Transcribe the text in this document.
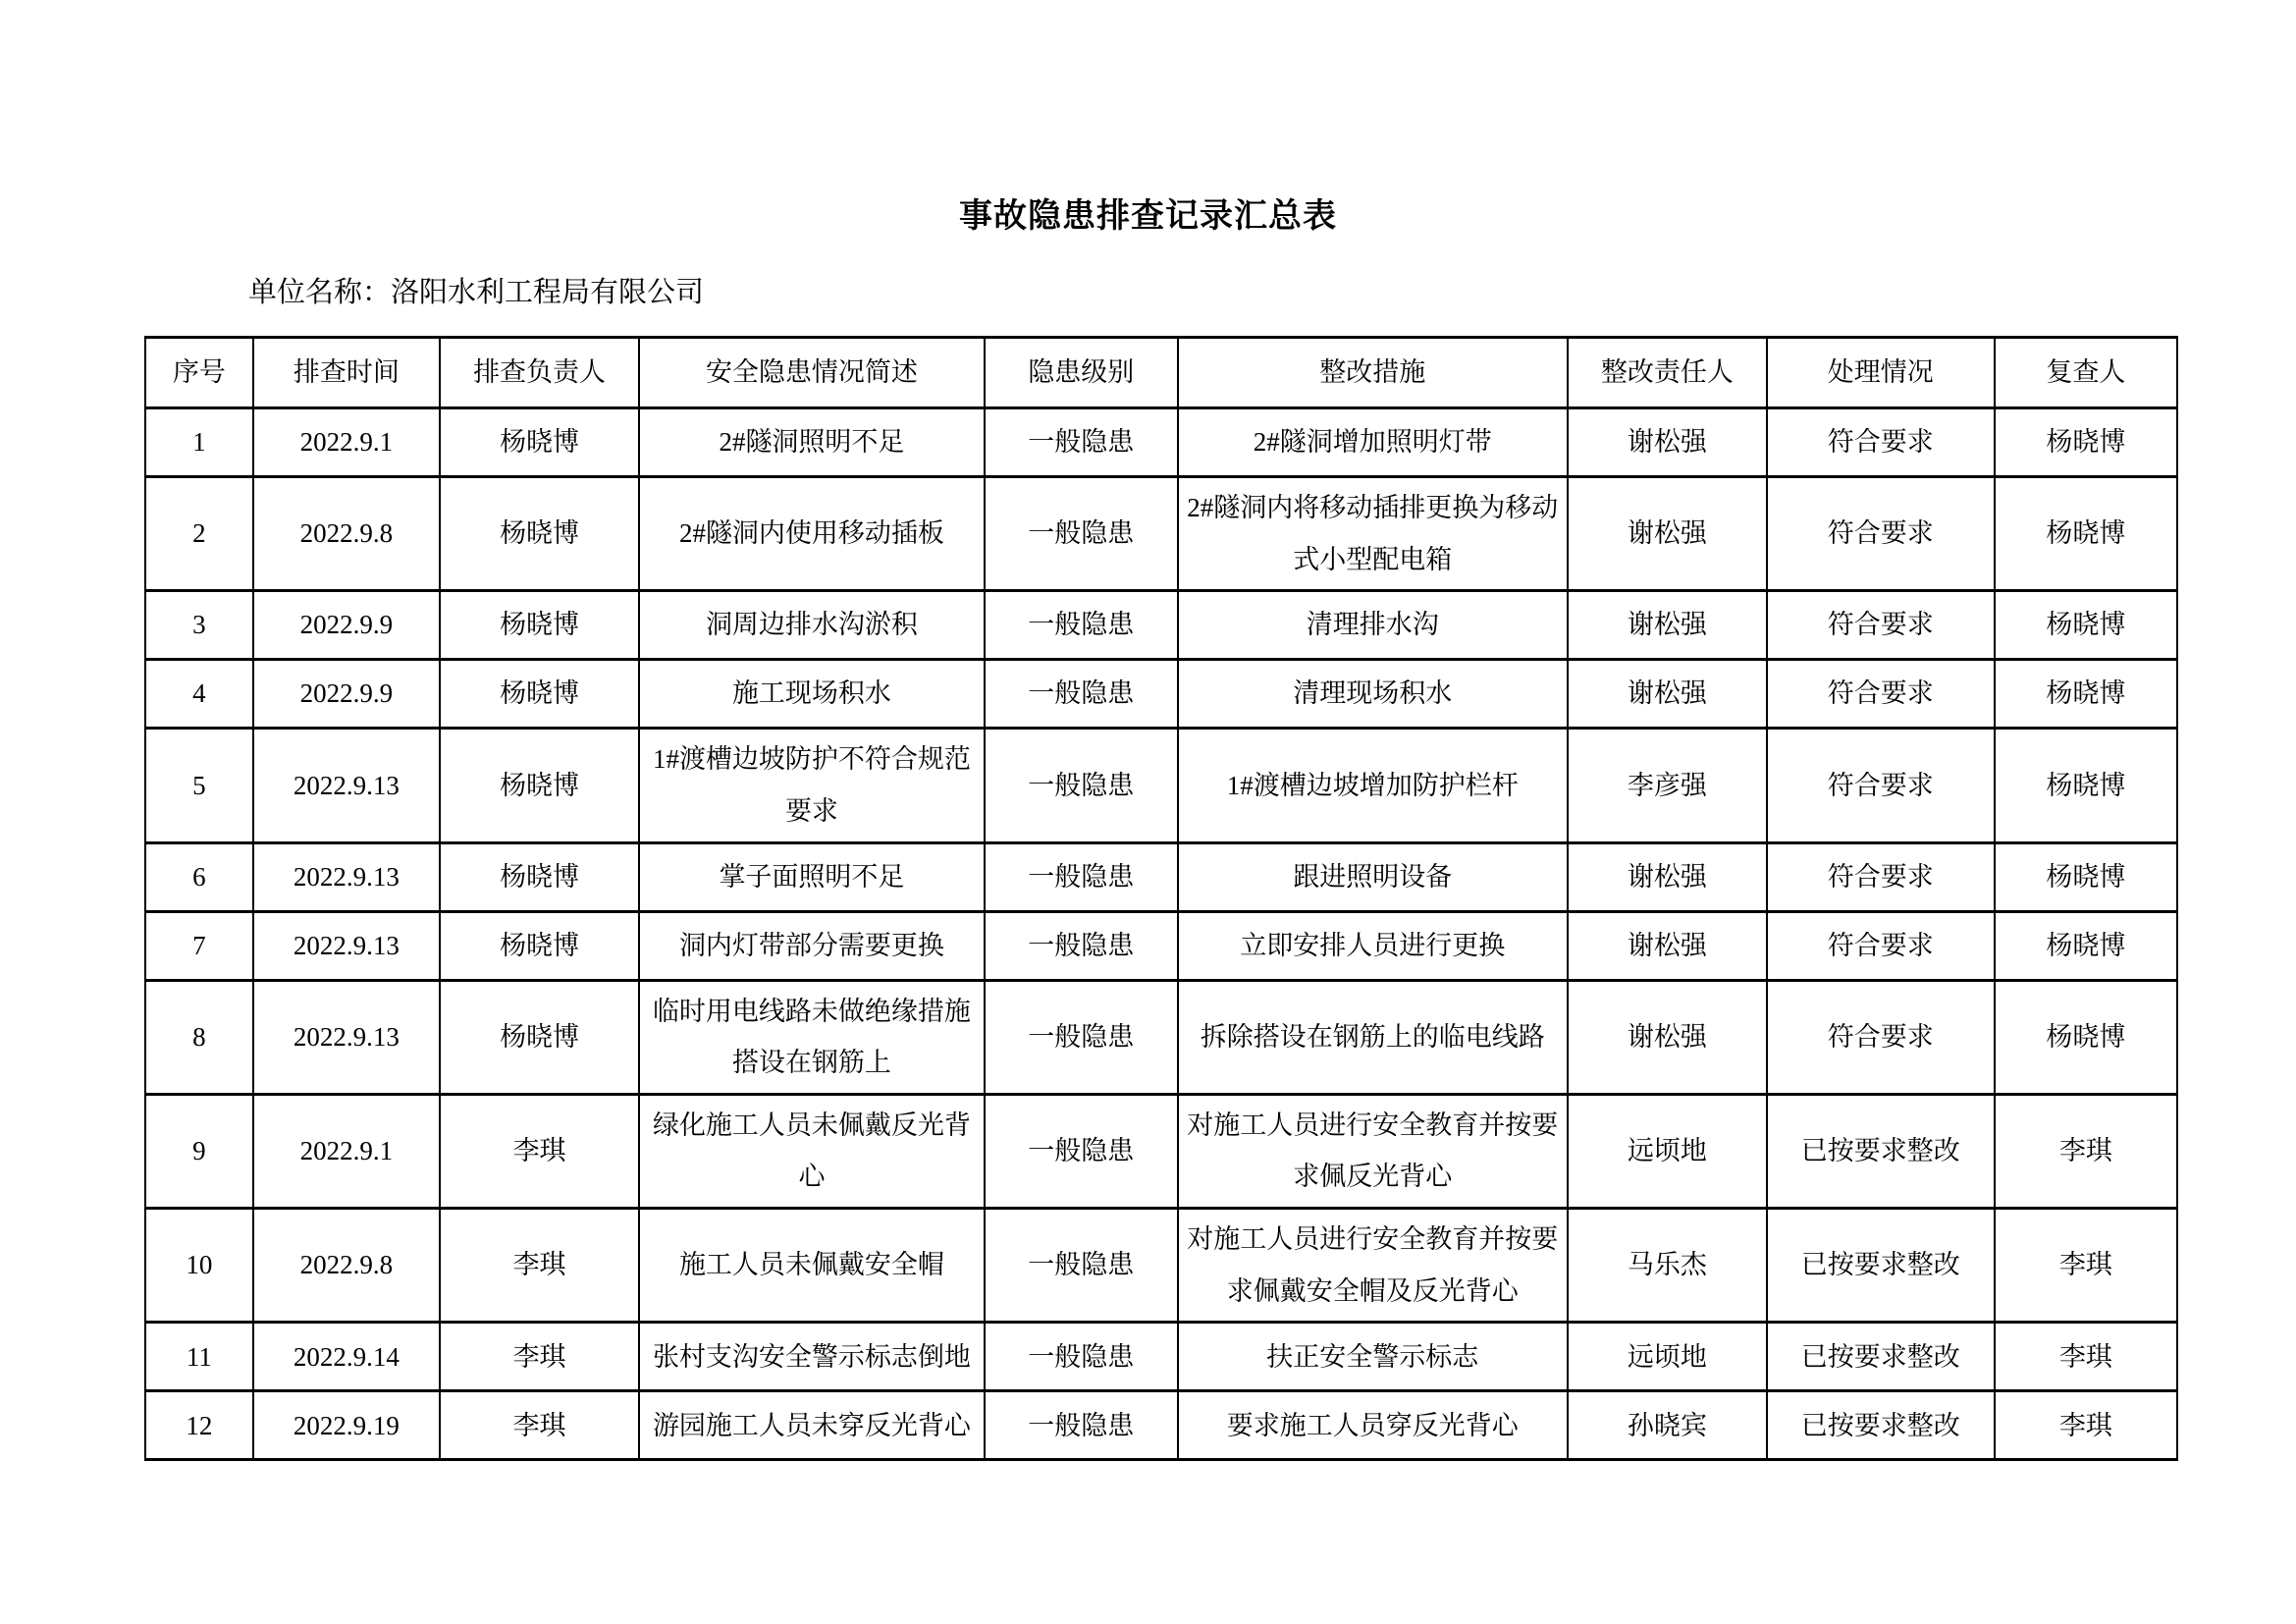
事故隐患排查记录汇总表
单位名称：洛阳水利工程局有限公司
序号	排查时间	排查负责人	安全隐患情况简述	隐患级别	整改措施	整改责任人	处理情况	复查人
1	2022.9.1	杨晓博	2#隧洞照明不足	一般隐患	2#隧洞增加照明灯带	谢松强	符合要求	杨晓博
2	2022.9.8	杨晓博	2#隧洞内使用移动插板	一般隐患	2#隧洞内将移动插排更换为移动式小型配电箱	谢松强	符合要求	杨晓博
3	2022.9.9	杨晓博	洞周边排水沟淤积	一般隐患	清理排水沟	谢松强	符合要求	杨晓博
4	2022.9.9	杨晓博	施工现场积水	一般隐患	清理现场积水	谢松强	符合要求	杨晓博
5	2022.9.13	杨晓博	1#渡槽边坡防护不符合规范要求	一般隐患	1#渡槽边坡增加防护栏杆	李彦强	符合要求	杨晓博
6	2022.9.13	杨晓博	掌子面照明不足	一般隐患	跟进照明设备	谢松强	符合要求	杨晓博
7	2022.9.13	杨晓博	洞内灯带部分需要更换	一般隐患	立即安排人员进行更换	谢松强	符合要求	杨晓博
8	2022.9.13	杨晓博	临时用电线路未做绝缘措施搭设在钢筋上	一般隐患	拆除搭设在钢筋上的临电线路	谢松强	符合要求	杨晓博
9	2022.9.1	李琪	绿化施工人员未佩戴反光背心	一般隐患	对施工人员进行安全教育并按要求佩反光背心	远顷地	已按要求整改	李琪
10	2022.9.8	李琪	施工人员未佩戴安全帽	一般隐患	对施工人员进行安全教育并按要求佩戴安全帽及反光背心	马乐杰	已按要求整改	李琪
11	2022.9.14	李琪	张村支沟安全警示标志倒地	一般隐患	扶正安全警示标志	远顷地	已按要求整改	李琪
12	2022.9.19	李琪	游园施工人员未穿反光背心	一般隐患	要求施工人员穿反光背心	孙晓宾	已按要求整改	李琪
